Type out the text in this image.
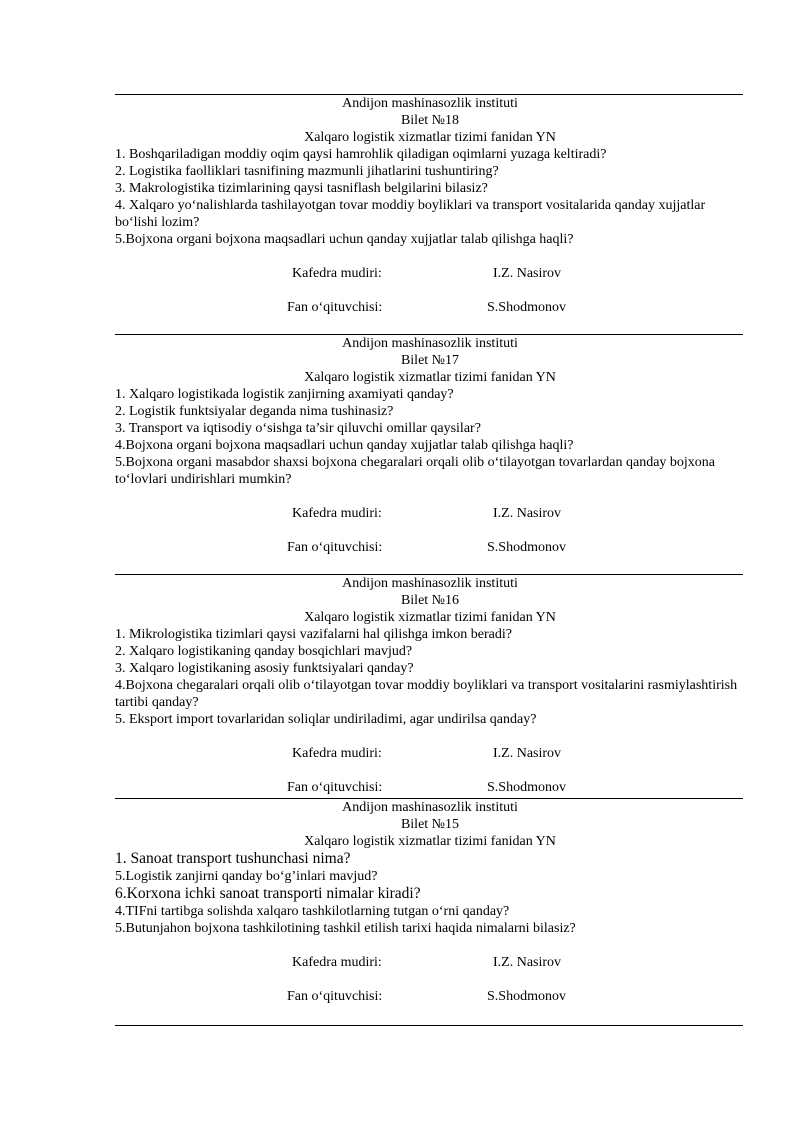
Andijon mashinasozlik instituti

Bilet №18

Xalqaro logistik xizmatlar tizimi fanidan YN

1. Boshqariladigan moddiy oqim qaysi hamrohlik qiladigan oqimlarni yuzaga keltiradi?

2. Logistika faolliklari tasnifining mazmunli jihatlarini tushuntiring?

3. Makrologistika tizimlarining qaysi tasniflash belgilarini bilasiz?

4. Xalqaro yo‘nalishlarda tashilayotgan tovar moddiy boyliklari va transport vositalarida qanday xujjatlar bo‘lishi lozim?

5.Bojxona organi bojxona maqsadlari uchun qanday xujjatlar talab qilishga haqli?

Kafedra mudiri:	I.Z. Nasirov
Fan o‘qituvchisi:	S.Shodmonov

Andijon mashinasozlik instituti

Bilet №17

Xalqaro logistik xizmatlar tizimi fanidan YN

1. Xalqaro logistikada logistik zanjirning axamiyati qanday?

2. Logistik funktsiyalar deganda nima tushinasiz?

3. Transport va iqtisodiy o‘sishga ta’sir qiluvchi omillar qaysilar?

4.Bojxona organi bojxona maqsadlari uchun qanday xujjatlar talab qilishga haqli?

5.Bojxona organi masabdor shaxsi bojxona chegaralari orqali olib o‘tilayotgan tovarlardan qanday bojxona to‘lovlari undirishlari mumkin?

Kafedra mudiri:	I.Z. Nasirov
Fan o‘qituvchisi:	S.Shodmonov

Andijon mashinasozlik instituti

Bilet №16

Xalqaro logistik xizmatlar tizimi fanidan YN

1. Mikrologistika tizimlari qaysi vazifalarni hal qilishga imkon beradi?

2. Xalqaro logistikaning qanday bosqichlari mavjud?

3. Xalqaro logistikaning asosiy funktsiyalari qanday?

4.Bojxona chegaralari orqali olib o‘tilayotgan tovar moddiy boyliklari va transport vositalarini rasmiylashtirish tartibi qanday?

5. Eksport import tovarlaridan soliqlar undiriladimi, agar undirilsa qanday?

Kafedra mudiri:	I.Z. Nasirov
Fan o‘qituvchisi:	S.Shodmonov

Andijon mashinasozlik instituti

Bilet №15

Xalqaro logistik xizmatlar tizimi fanidan YN

1. Sanoat transport tushunchasi nima?

5.Logistik zanjirni qanday bo‘g’inlari mavjud?

6.Korxona ichki sanoat transporti nimalar kiradi?

4.TIFni tartibga solishda xalqaro tashkilotlarning tutgan o‘rni qanday?

5.Butunjahon bojxona tashkilotining tashkil etilish tarixi haqida nimalarni bilasiz?

Kafedra mudiri:	I.Z. Nasirov
Fan o‘qituvchisi:	S.Shodmonov
